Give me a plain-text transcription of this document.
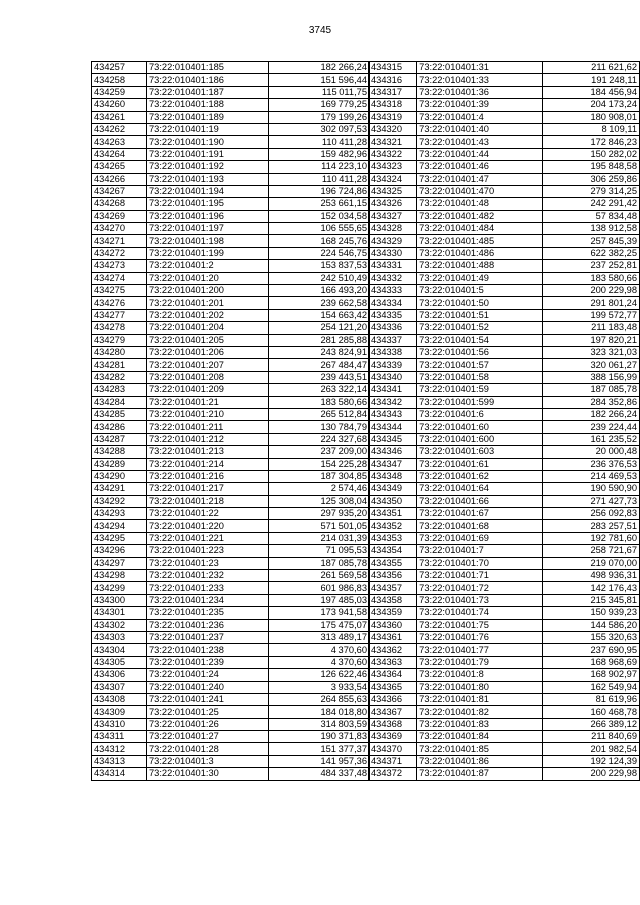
3745
434257	73:22:010401:185	182 266,24
434258	73:22:010401:186	151 596,44
434259	73:22:010401:187	115 011,75
434260	73:22:010401:188	169 779,25
434261	73:22:010401:189	179 199,26
434262	73:22:010401:19	302 097,53
434263	73:22:010401:190	110 411,28
434264	73:22:010401:191	159 482,96
434265	73:22:010401:192	114 223,10
434266	73:22:010401:193	110 411,28
434267	73:22:010401:194	196 724,86
434268	73:22:010401:195	253 661,15
434269	73:22:010401:196	152 034,58
434270	73:22:010401:197	106 555,65
434271	73:22:010401:198	168 245,76
434272	73:22:010401:199	224 546,75
434273	73:22:010401:2	153 837,53
434274	73:22:010401:20	242 510,49
434275	73:22:010401:200	166 493,20
434276	73:22:010401:201	239 662,58
434277	73:22:010401:202	154 663,42
434278	73:22:010401:204	254 121,20
434279	73:22:010401:205	281 285,88
434280	73:22:010401:206	243 824,91
434281	73:22:010401:207	267 484,47
434282	73:22:010401:208	239 443,51
434283	73:22:010401:209	263 322,14
434284	73:22:010401:21	183 580,66
434285	73:22:010401:210	265 512,84
434286	73:22:010401:211	130 784,79
434287	73:22:010401:212	224 327,68
434288	73:22:010401:213	237 209,00
434289	73:22:010401:214	154 225,28
434290	73:22:010401:216	187 304,85
434291	73:22:010401:217	2 574,46
434292	73:22:010401:218	125 308,04
434293	73:22:010401:22	297 935,20
434294	73:22:010401:220	571 501,05
434295	73:22:010401:221	214 031,39
434296	73:22:010401:223	71 095,53
434297	73:22:010401:23	187 085,78
434298	73:22:010401:232	261 569,58
434299	73:22:010401:233	601 986,83
434300	73:22:010401:234	197 485,03
434301	73:22:010401:235	173 941,58
434302	73:22:010401:236	175 475,07
434303	73:22:010401:237	313 489,17
434304	73:22:010401:238	4 370,60
434305	73:22:010401:239	4 370,60
434306	73:22:010401:24	126 622,46
434307	73:22:010401:240	3 933,54
434308	73:22:010401:241	264 855,63
434309	73:22:010401:25	184 018,80
434310	73:22:010401:26	314 803,59
434311	73:22:010401:27	190 371,83
434312	73:22:010401:28	151 377,37
434313	73:22:010401:3	141 957,36
434314	73:22:010401:30	484 337,48
434315	73:22:010401:31	211 621,62
434316	73:22:010401:33	191 248,11
434317	73:22:010401:36	184 456,94
434318	73:22:010401:39	204 173,24
434319	73:22:010401:4	180 908,01
434320	73:22:010401:40	8 109,11
434321	73:22:010401:43	172 846,23
434322	73:22:010401:44	150 282,02
434323	73:22:010401:46	195 848,58
434324	73:22:010401:47	306 259,86
434325	73:22:010401:470	279 314,25
434326	73:22:010401:48	242 291,42
434327	73:22:010401:482	57 834,48
434328	73:22:010401:484	138 912,58
434329	73:22:010401:485	257 845,39
434330	73:22:010401:486	622 382,25
434331	73:22:010401:488	237 252,81
434332	73:22:010401:49	183 580,66
434333	73:22:010401:5	200 229,98
434334	73:22:010401:50	291 801,24
434335	73:22:010401:51	199 572,77
434336	73:22:010401:52	211 183,48
434337	73:22:010401:54	197 820,21
434338	73:22:010401:56	323 321,03
434339	73:22:010401:57	320 061,27
434340	73:22:010401:58	388 156,99
434341	73:22:010401:59	187 085,78
434342	73:22:010401:599	284 352,86
434343	73:22:010401:6	182 266,24
434344	73:22:010401:60	239 224,44
434345	73:22:010401:600	161 235,52
434346	73:22:010401:603	20 000,48
434347	73:22:010401:61	236 376,53
434348	73:22:010401:62	214 469,53
434349	73:22:010401:64	190 590,90
434350	73:22:010401:66	271 427,73
434351	73:22:010401:67	256 092,83
434352	73:22:010401:68	283 257,51
434353	73:22:010401:69	192 781,60
434354	73:22:010401:7	258 721,67
434355	73:22:010401:70	219 070,00
434356	73:22:010401:71	498 936,31
434357	73:22:010401:72	142 176,43
434358	73:22:010401:73	215 345,81
434359	73:22:010401:74	150 939,23
434360	73:22:010401:75	144 586,20
434361	73:22:010401:76	155 320,63
434362	73:22:010401:77	237 690,95
434363	73:22:010401:79	168 968,69
434364	73:22:010401:8	168 902,97
434365	73:22:010401:80	162 549,94
434366	73:22:010401:81	81 619,96
434367	73:22:010401:82	160 468,78
434368	73:22:010401:83	266 389,12
434369	73:22:010401:84	211 840,69
434370	73:22:010401:85	201 982,54
434371	73:22:010401:86	192 124,39
434372	73:22:010401:87	200 229,98
